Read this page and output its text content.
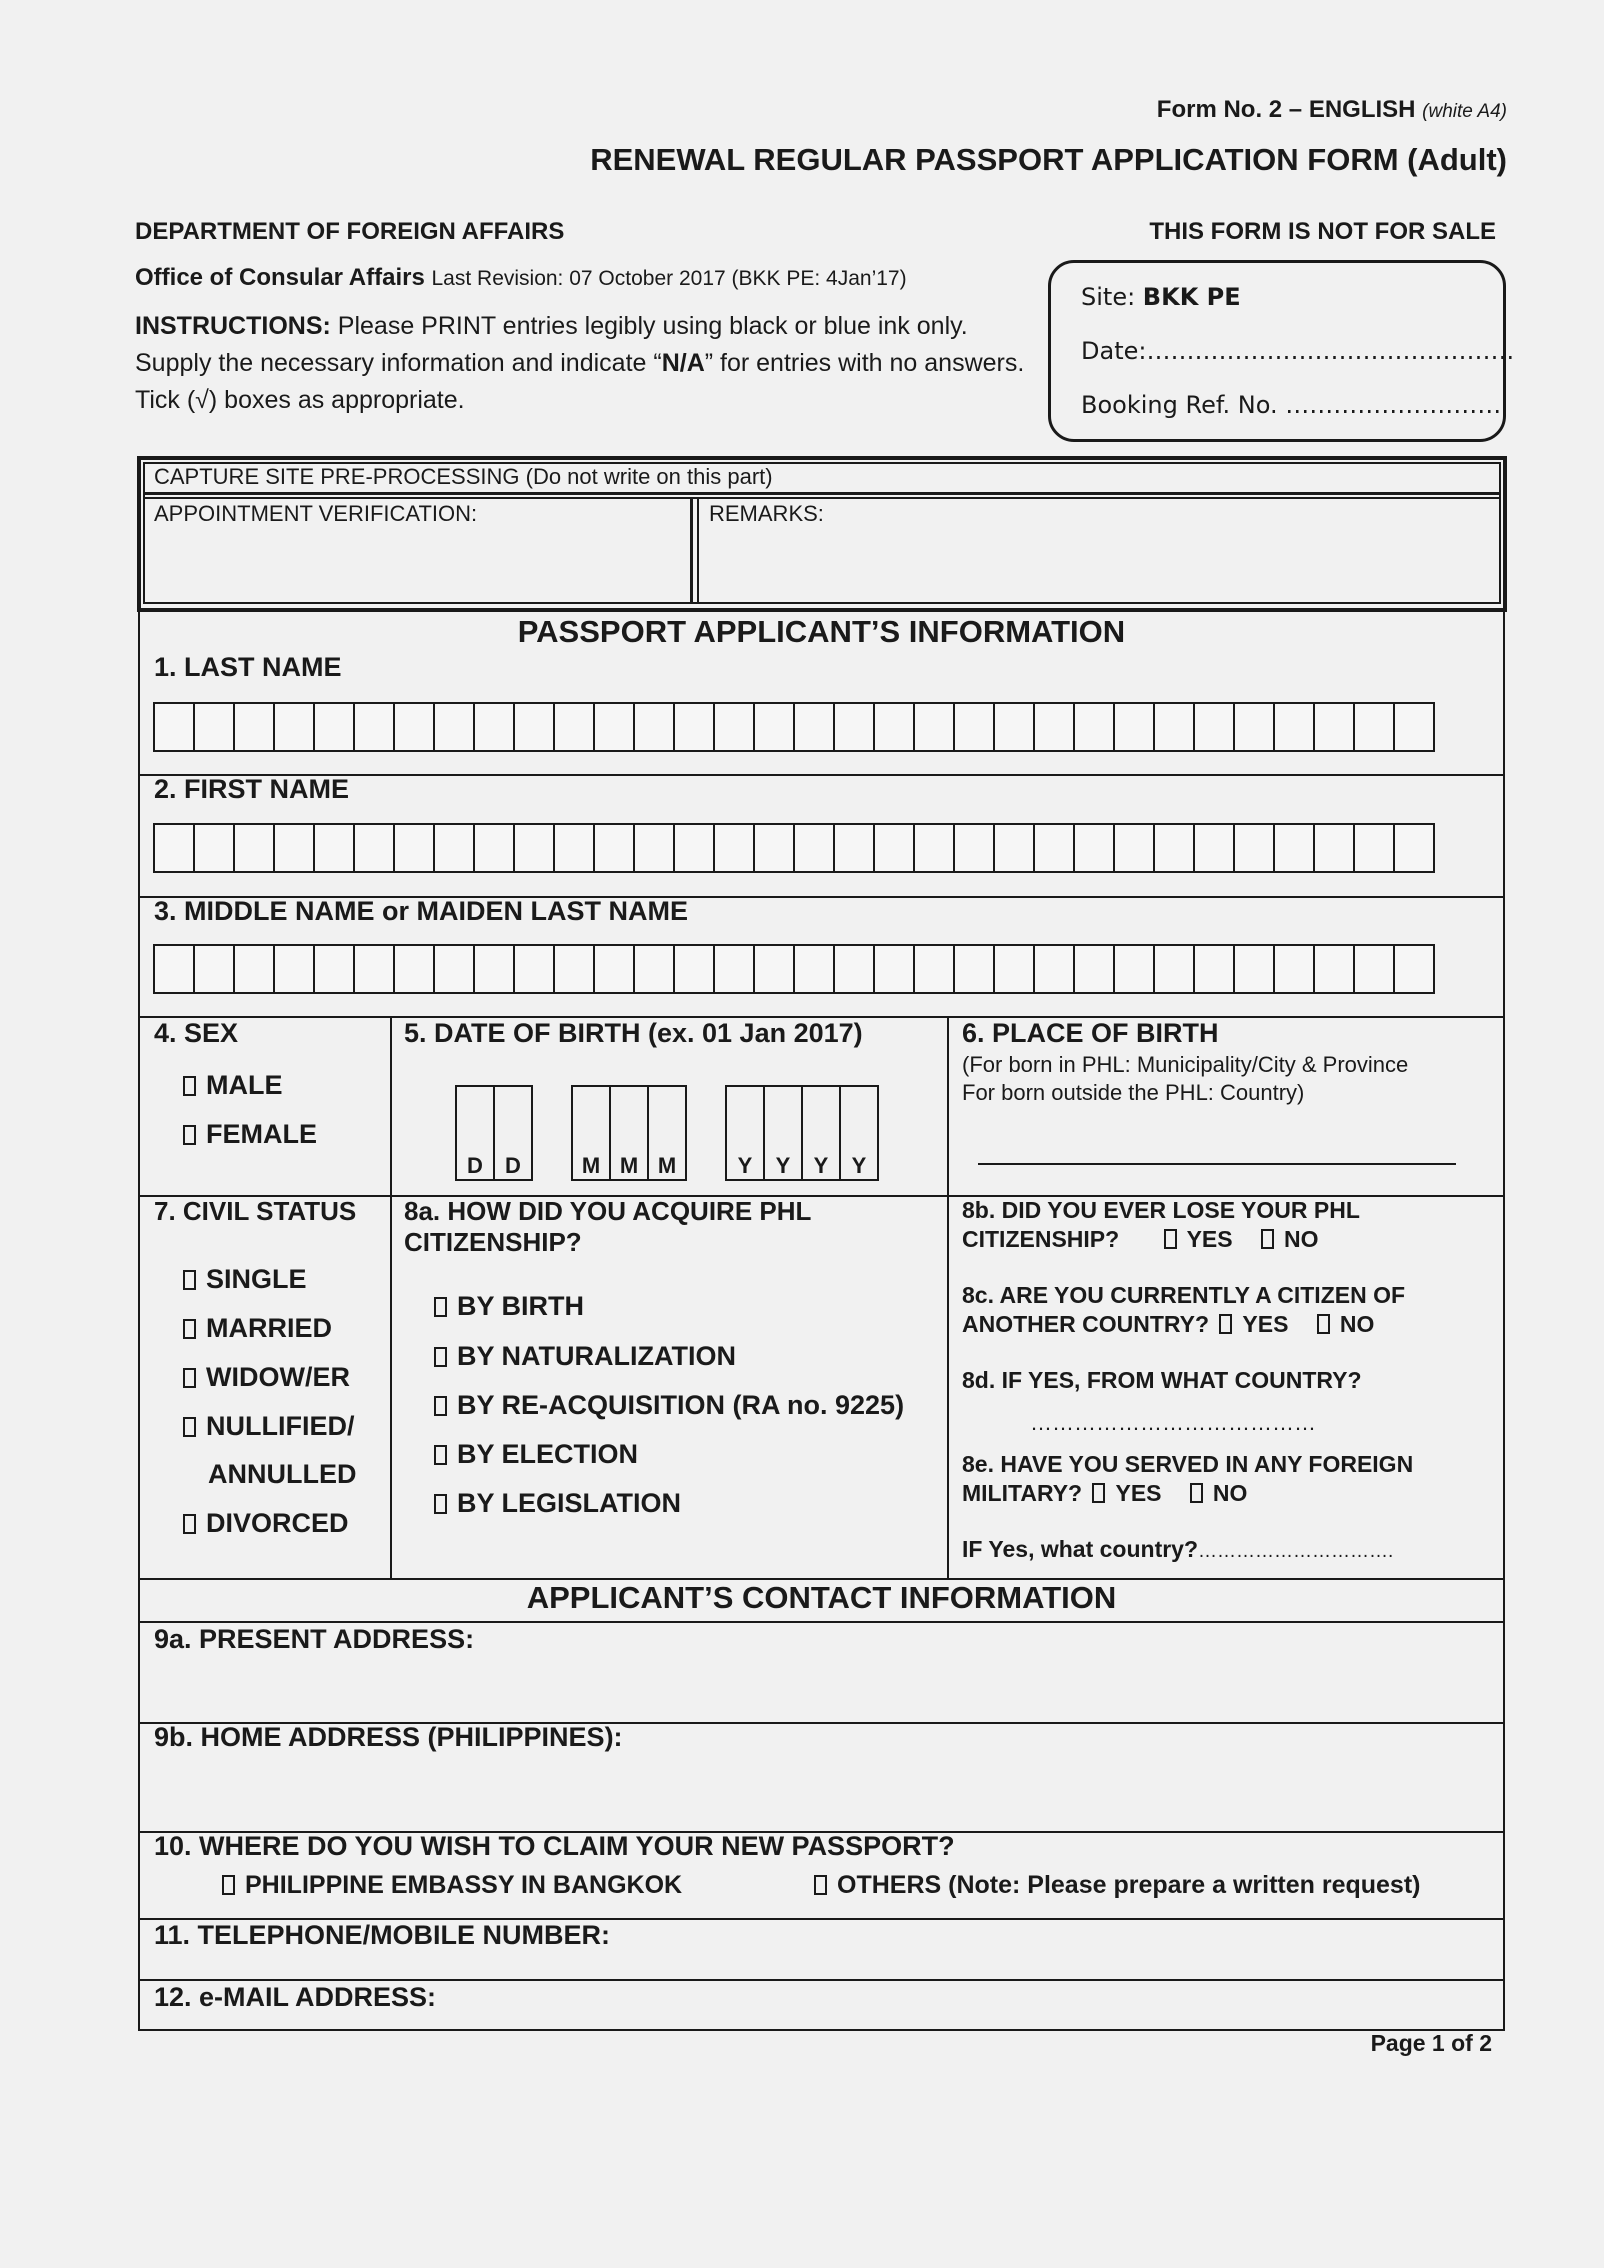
Form No. 2 – ENGLISH (white A4)
RENEWAL REGULAR PASSPORT APPLICATION FORM (Adult)
DEPARTMENT OF FOREIGN AFFAIRS	THIS FORM IS NOT FOR SALE
Office of Consular Affairs Last Revision: 07 October 2017 (BKK PE: 4Jan’17)
INSTRUCTIONS: Please PRINT entries legibly using black or blue ink only. Supply the necessary information and indicate “N/A” for entries with no answers. Tick (√) boxes as appropriate.
Site: BKK PE
Date:……………………………………….
Booking Ref. No. ………………………
CAPTURE SITE PRE-PROCESSING (Do not write on this part)
APPOINTMENT VERIFICATION:	REMARKS:
PASSPORT APPLICANT’S INFORMATION
1. LAST NAME
2. FIRST NAME
3. MIDDLE NAME or MAIDEN LAST NAME
4. SEX
MALE
FEMALE
5. DATE OF BIRTH (ex. 01 Jan 2017)
D	D	M M M	Y	Y	Y	Y
6. PLACE OF BIRTH
(For born in PHL: Municipality/City & Province
For born outside the PHL: Country)
7. CIVIL STATUS
SINGLE
MARRIED
WIDOW/ER
NULLIFIED/
ANNULLED
DIVORCED
8a. HOW DID YOU ACQUIRE PHL
CITIZENSHIP?
BY BIRTH
BY NATURALIZATION
BY RE-ACQUISITION (RA no. 9225)
BY ELECTION
BY LEGISLATION
8b. DID YOU EVER LOSE YOUR PHL
CITIZENSHIP?	YES NO
8c. ARE YOU CURRENTLY A CITIZEN OF
ANOTHER COUNTRY? YES NO
8d. IF YES, FROM WHAT COUNTRY?
…………………………………
8e. HAVE YOU SERVED IN ANY FOREIGN
MILITARY? YES NO
IF Yes, what country?………………………….
APPLICANT’S CONTACT INFORMATION
9a. PRESENT ADDRESS:
9b. HOME ADDRESS (PHILIPPINES):
10. WHERE DO YOU WISH TO CLAIM YOUR NEW PASSPORT?
PHILIPPINE EMBASSY IN BANGKOK	OTHERS (Note: Please prepare a written request)
11. TELEPHONE/MOBILE NUMBER:
12. e-MAIL ADDRESS:
Page 1 of 2
